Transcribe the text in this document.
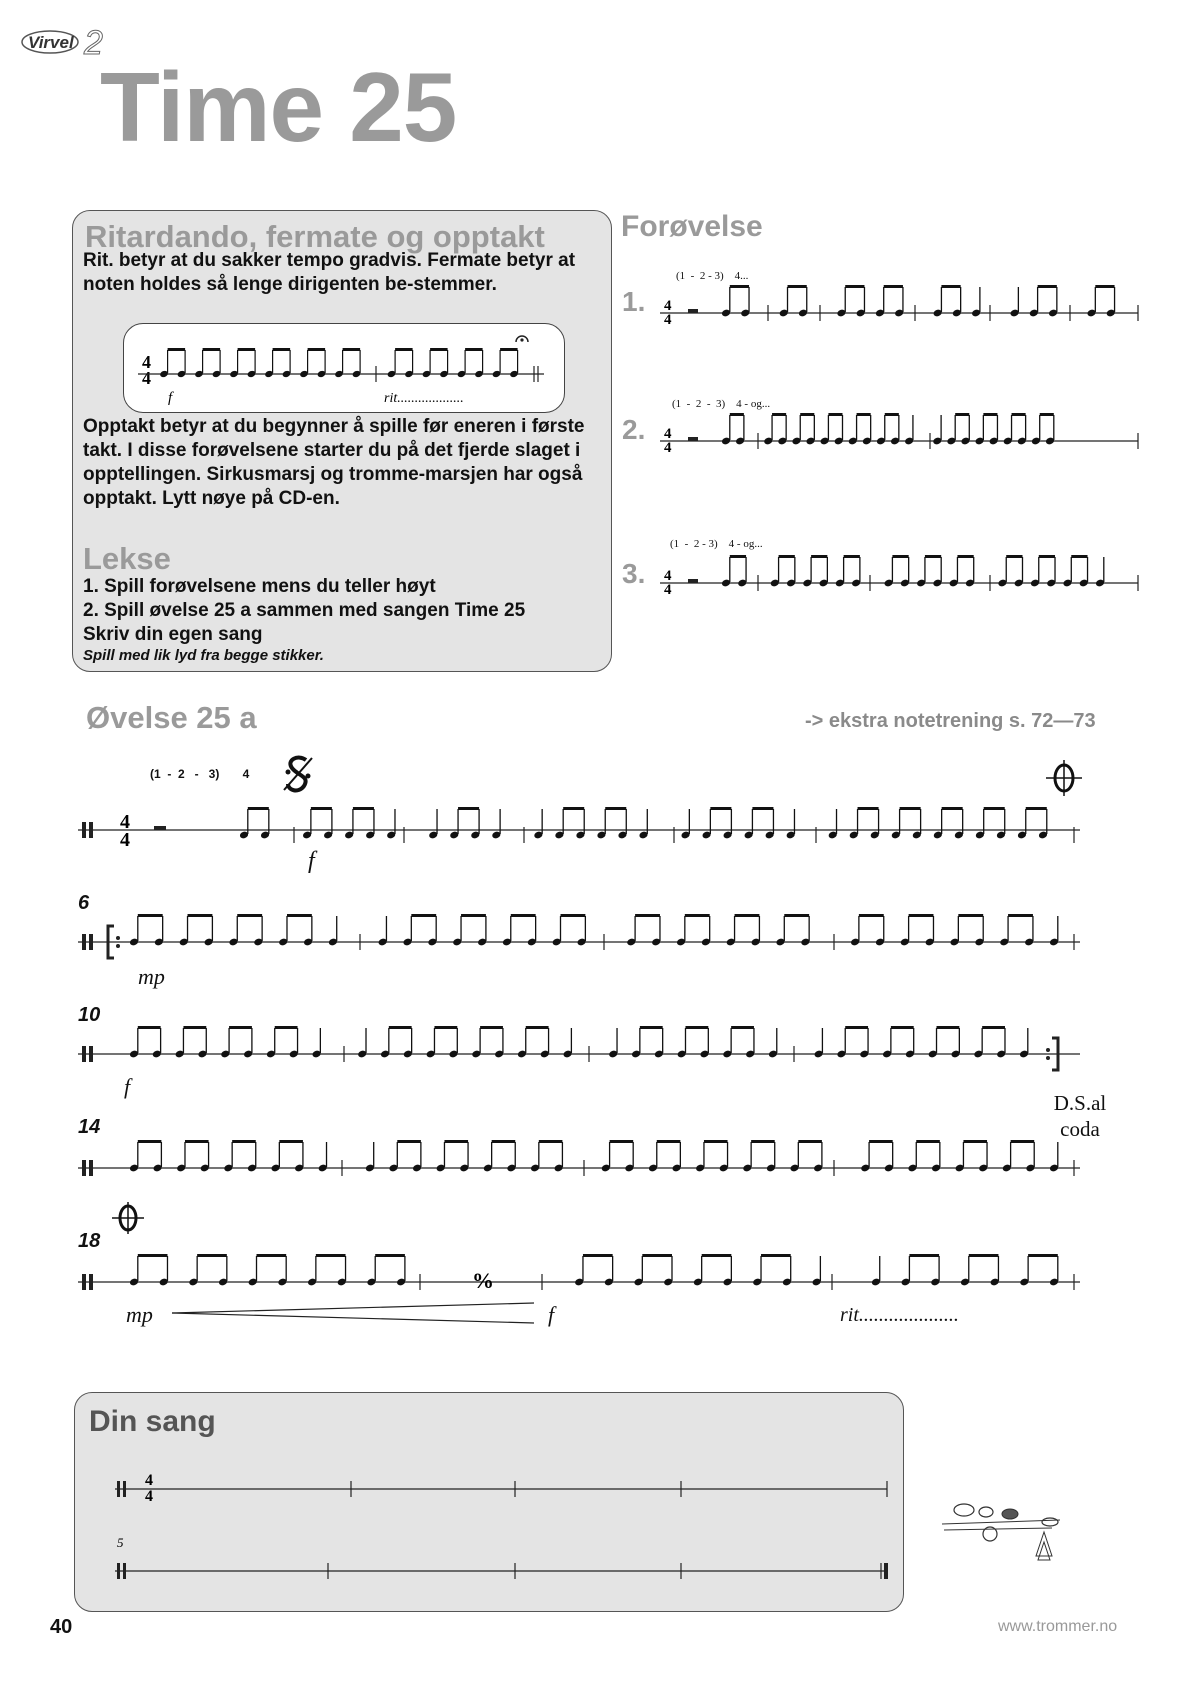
Virvel 2
Time 25
Ritardando, fermate og opptakt
Rit. betyr at du sakker tempo gradvis. Fermate betyr at noten holdes så lenge dirigenten be-stemmer.
4
4
f	rit...................
Opptakt betyr at du begynner å spille før eneren i første takt. I disse forøvelsene starter du på det fjerde slaget i opptellingen. Sirkusmarsj og tromme-marsjen har også opptakt. Lytt nøye på CD-en.
Lekse
1. Spill forøvelsene mens du teller høyt
2. Spill øvelse 25 a sammen med sangen Time 25
Skriv din egen sang
Spill med lik lyd fra begge stikker.
Forøvelse
(1  -  2 - 3)    4...
1. 4
4
(1  -  2  -  3)    4 - og...
2. 4
4
(1  -  2 - 3)    4 - og...
3. 4
4
Øvelse 25 a	-> ekstra notetrening s. 72—73
(1  -  2   -   3)       4
4
4
f
6
mp
10
f
D.S.al coda
14
18
%
mp	f	rit....................
Din sang
4
4
5
40	www.trommer.no
